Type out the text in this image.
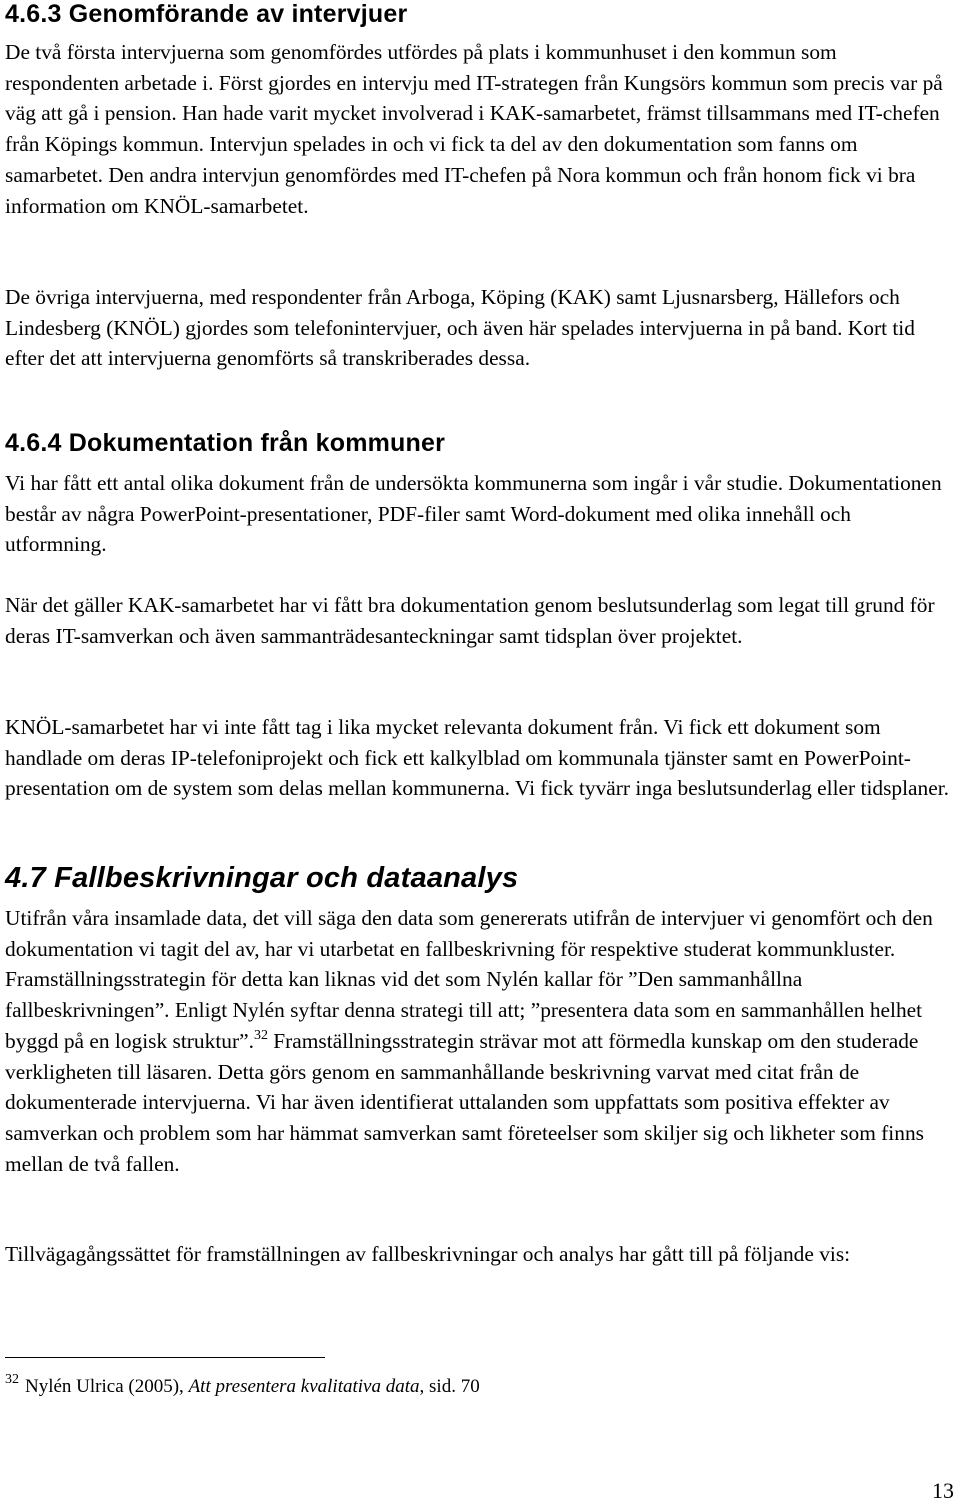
4.6.3 Genomförande av intervjuer

De två första intervjuerna som genomfördes utfördes på plats i kommunhuset i den kommun som respondenten arbetade i. Först gjordes en intervju med IT-strategen från Kungsörs kommun som precis var på väg att gå i pension. Han hade varit mycket involverad i KAK-samarbetet, främst tillsammans med IT-chefen från Köpings kommun. Intervjun spelades in och vi fick ta del av den dokumentation som fanns om samarbetet. Den andra intervjun genomfördes med IT-chefen på Nora kommun och från honom fick vi bra information om KNÖL-samarbetet.

De övriga intervjuerna, med respondenter från Arboga, Köping (KAK) samt Ljusnarsberg, Hällefors och Lindesberg (KNÖL) gjordes som telefonintervjuer, och även här spelades intervjuerna in på band. Kort tid efter det att intervjuerna genomförts så transkriberades dessa.

4.6.4 Dokumentation från kommuner

Vi har fått ett antal olika dokument från de undersökta kommunerna som ingår i vår studie. Dokumentationen består av några PowerPoint-presentationer, PDF-filer samt Word-dokument med olika innehåll och utformning.

När det gäller KAK-samarbetet har vi fått bra dokumentation genom beslutsunderlag som legat till grund för deras IT-samverkan och även sammanträdesanteckningar samt tidsplan över projektet.

KNÖL-samarbetet har vi inte fått tag i lika mycket relevanta dokument från. Vi fick ett dokument som handlade om deras IP-telefoniprojekt och fick ett kalkylblad om kommunala tjänster samt en PowerPoint-presentation om de system som delas mellan kommunerna. Vi fick tyvärr inga beslutsunderlag eller tidsplaner.

4.7 Fallbeskrivningar och dataanalys

Utifrån våra insamlade data, det vill säga den data som genererats utifrån de intervjuer vi genomfört och den dokumentation vi tagit del av, har vi utarbetat en fallbeskrivning för respektive studerat kommunkluster. Framställningsstrategin för detta kan liknas vid det som Nylén kallar för ”Den sammanhållna fallbeskrivningen”. Enligt Nylén syftar denna strategi till att; ”presentera data som en sammanhållen helhet byggd på en logisk struktur”.$^{32}$ Framställningsstrategin strävar mot att förmedla kunskap om den studerade verkligheten till läsaren. Detta görs genom en sammanhållande beskrivning varvat med citat från de dokumenterade intervjuerna. Vi har även identifierat uttalanden som uppfattats som positiva effekter av samverkan och problem som har hämmat samverkan samt företeelser som skiljer sig och likheter som finns mellan de två fallen.

Tillvägagångssättet för framställningen av fallbeskrivningar och analys har gått till på följande vis:

$^{32}$ Nylén Ulrica (2005), Att presentera kvalitativa data, sid. 70
13
